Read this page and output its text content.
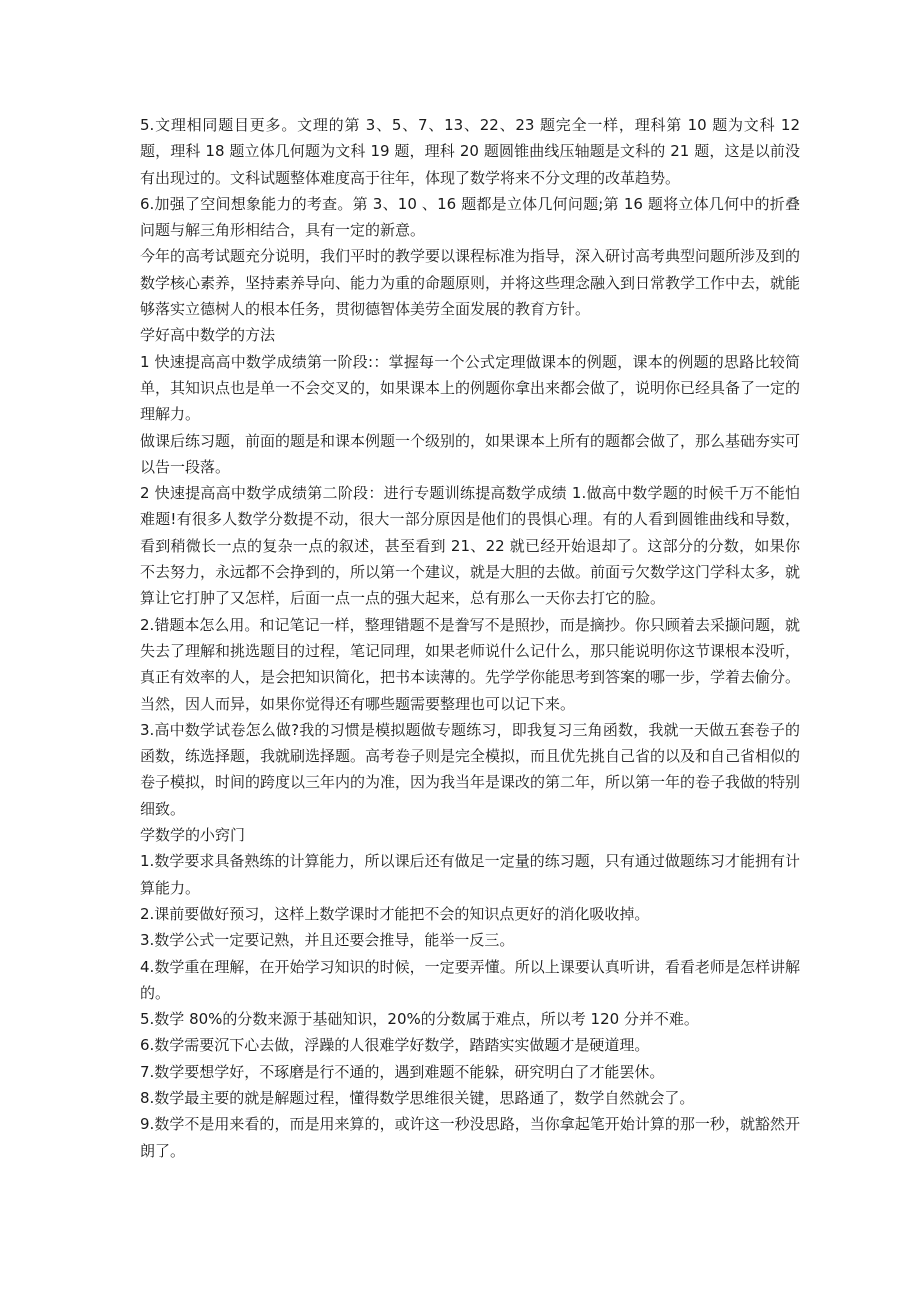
5.文理相同题目更多。文理的第 3、5、7、13、22、23 题完全一样，理科第 10 题为文科 12 题，理科 18 题立体几何题为文科 19 题，理科 20 题圆锥曲线压轴题是文科的 21 题，这是以前没有出现过的。文科试题整体难度高于往年，体现了数学将来不分文理的改革趋势。

6.加强了空间想象能力的考查。第 3、10 、16 题都是立体几何问题;第 16 题将立体几何中的折叠问题与解三角形相结合，具有一定的新意。

今年的高考试题充分说明，我们平时的教学要以课程标准为指导，深入研讨高考典型问题所涉及到的数学核心素养，坚持素养导向、能力为重的命题原则，并将这些理念融入到日常教学工作中去，就能够落实立德树人的根本任务，贯彻德智体美劳全面发展的教育方针。

学好高中数学的方法

1 快速提高高中数学成绩第一阶段:：掌握每一个公式定理做课本的例题，课本的例题的思路比较简单，其知识点也是单一不会交叉的，如果课本上的例题你拿出来都会做了，说明你已经具备了一定的理解力。

做课后练习题，前面的题是和课本例题一个级别的，如果课本上所有的题都会做了，那么基础夯实可以告一段落。

2 快速提高高中数学成绩第二阶段：进行专题训练提高数学成绩 1.做高中数学题的时候千万不能怕难题!有很多人数学分数提不动，很大一部分原因是他们的畏惧心理。有的人看到圆锥曲线和导数，看到稍微长一点的复杂一点的叙述，甚至看到 21、22 就已经开始退却了。这部分的分数，如果你不去努力，永远都不会挣到的，所以第一个建议，就是大胆的去做。前面亏欠数学这门学科太多，就算让它打肿了又怎样，后面一点一点的强大起来，总有那么一天你去打它的脸。

2.错题本怎么用。和记笔记一样，整理错题不是誊写不是照抄，而是摘抄。你只顾着去采撷问题，就失去了理解和挑选题目的过程，笔记同理，如果老师说什么记什么，那只能说明你这节课根本没听，真正有效率的人，是会把知识简化，把书本读薄的。先学学你能思考到答案的哪一步，学着去偷分。当然，因人而异，如果你觉得还有哪些题需要整理也可以记下来。

3.高中数学试卷怎么做?我的习惯是模拟题做专题练习，即我复习三角函数，我就一天做五套卷子的函数，练选择题，我就刷选择题。高考卷子则是完全模拟，而且优先挑自己省的以及和自己省相似的卷子模拟，时间的跨度以三年内的为准，因为我当年是课改的第二年，所以第一年的卷子我做的特别细致。

学数学的小窍门

1.数学要求具备熟练的计算能力，所以课后还有做足一定量的练习题，只有通过做题练习才能拥有计算能力。

2.课前要做好预习，这样上数学课时才能把不会的知识点更好的消化吸收掉。

3.数学公式一定要记熟，并且还要会推导，能举一反三。

4.数学重在理解，在开始学习知识的时候，一定要弄懂。所以上课要认真听讲，看看老师是怎样讲解的。

5.数学 80%的分数来源于基础知识，20%的分数属于难点，所以考 120 分并不难。

6.数学需要沉下心去做，浮躁的人很难学好数学，踏踏实实做题才是硬道理。

7.数学要想学好，不琢磨是行不通的，遇到难题不能躲，研究明白了才能罢休。

8.数学最主要的就是解题过程，懂得数学思维很关键，思路通了，数学自然就会了。

9.数学不是用来看的，而是用来算的，或许这一秒没思路，当你拿起笔开始计算的那一秒，就豁然开朗了。
